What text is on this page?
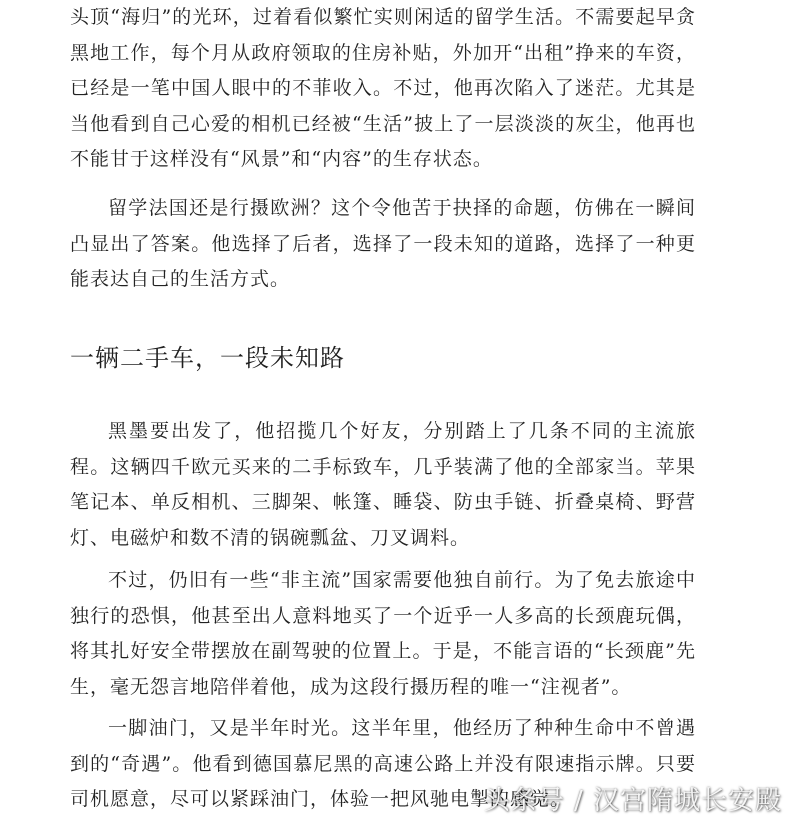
头顶“海归”的光环，过着看似繁忙实则闲适的留学生活。不需要起早贪黑地工作，每个月从政府领取的住房补贴，外加开“出租”挣来的车资，已经是一笔中国人眼中的不菲收入。不过，他再次陷入了迷茫。尤其是当他看到自己心爱的相机已经被“生活”披上了一层淡淡的灰尘，他再也不能甘于这样没有“风景”和“内容”的生存状态。

留学法国还是行摄欧洲？这个令他苦于抉择的命题，仿佛在一瞬间凸显出了答案。他选择了后者，选择了一段未知的道路，选择了一种更能表达自己的生活方式。

一辆二手车，一段未知路

黑墨要出发了，他招揽几个好友，分别踏上了几条不同的主流旅程。这辆四千欧元买来的二手标致车，几乎装满了他的全部家当。苹果笔记本、单反相机、三脚架、帐篷、睡袋、防虫手链、折叠桌椅、野营灯、电磁炉和数不清的锅碗瓢盆、刀叉调料。

不过，仍旧有一些“非主流”国家需要他独自前行。为了免去旅途中独行的恐惧，他甚至出人意料地买了一个近乎一人多高的长颈鹿玩偶，将其扎好安全带摆放在副驾驶的位置上。于是，不能言语的“长颈鹿”先生，毫无怨言地陪伴着他，成为这段行摄历程的唯一“注视者”。

一脚油门，又是半年时光。这半年里，他经历了种种生命中不曾遇到的“奇遇”。他看到德国慕尼黑的高速公路上并没有限速指示牌。只要司机愿意，尽可以紧踩油门，体验一把风驰电掣的感觉。

头条号 / 汉宫隋城长安殿
